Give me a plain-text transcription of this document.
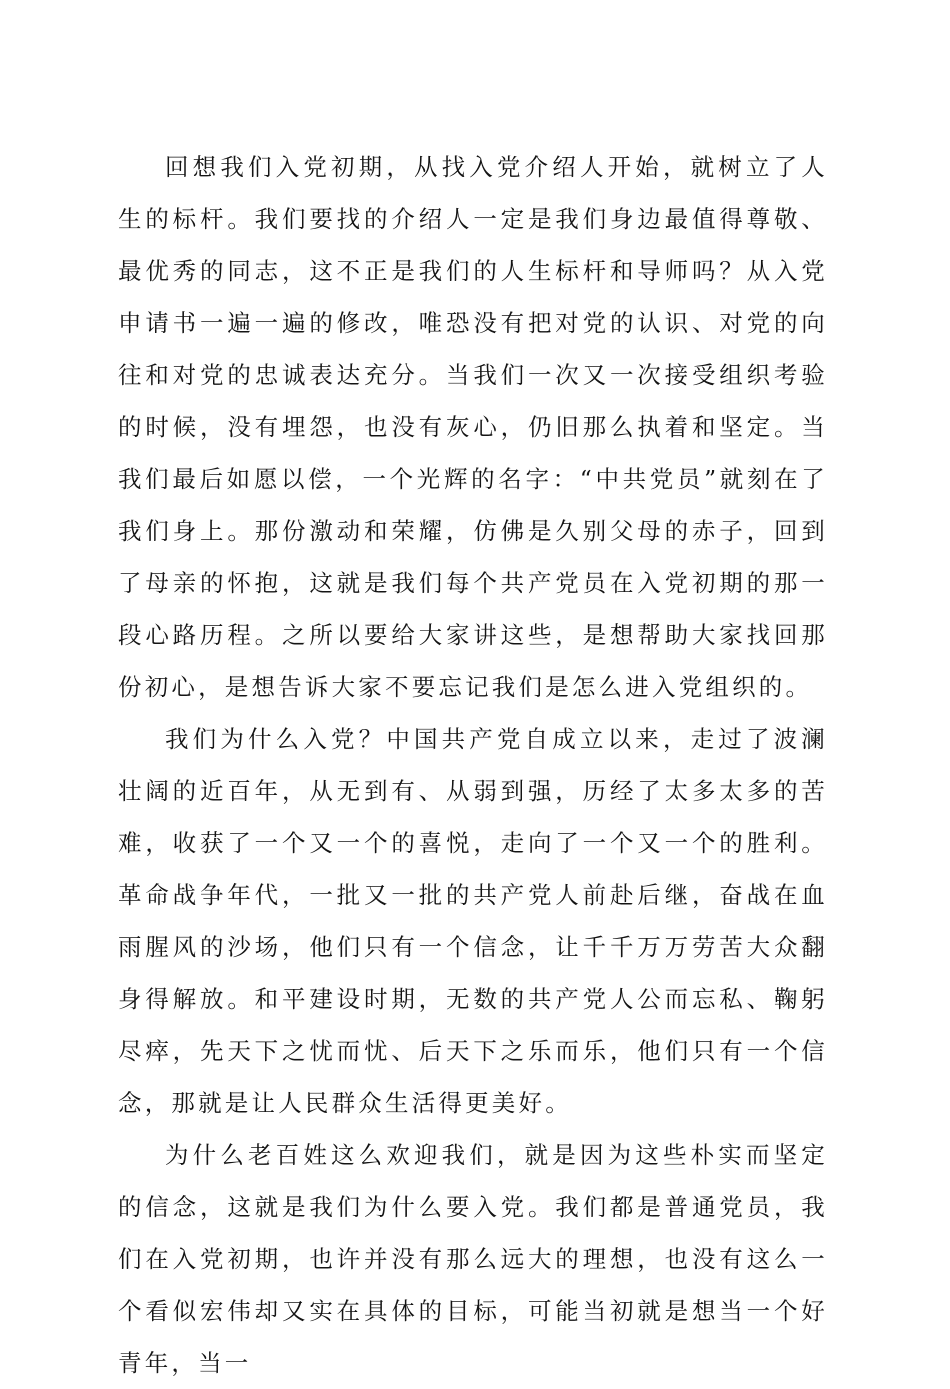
回想我们入党初期，从找入党介绍人开始，就树立了人生的标杆。我们要找的介绍人一定是我们身边最值得尊敬、最优秀的同志，这不正是我们的人生标杆和导师吗？从入党申请书一遍一遍的修改，唯恐没有把对党的认识、对党的向往和对党的忠诚表达充分。当我们一次又一次接受组织考验的时候，没有埋怨，也没有灰心，仍旧那么执着和坚定。当我们最后如愿以偿，一个光辉的名字：“中共党员”就刻在了我们身上。那份激动和荣耀，仿佛是久别父母的赤子，回到了母亲的怀抱，这就是我们每个共产党员在入党初期的那一段心路历程。之所以要给大家讲这些，是想帮助大家找回那份初心，是想告诉大家不要忘记我们是怎么进入党组织的。

我们为什么入党？中国共产党自成立以来，走过了波澜壮阔的近百年，从无到有、从弱到强，历经了太多太多的苦难，收获了一个又一个的喜悦，走向了一个又一个的胜利。革命战争年代，一批又一批的共产党人前赴后继，奋战在血雨腥风的沙场，他们只有一个信念，让千千万万劳苦大众翻身得解放。和平建设时期，无数的共产党人公而忘私、鞠躬尽瘁，先天下之忧而忧、后天下之乐而乐，他们只有一个信念，那就是让人民群众生活得更美好。

为什么老百姓这么欢迎我们，就是因为这些朴实而坚定的信念，这就是我们为什么要入党。我们都是普通党员，我们在入党初期，也许并没有那么远大的理想，也没有这么一个看似宏伟却又实在具体的目标，可能当初就是想当一个好青年，当一
